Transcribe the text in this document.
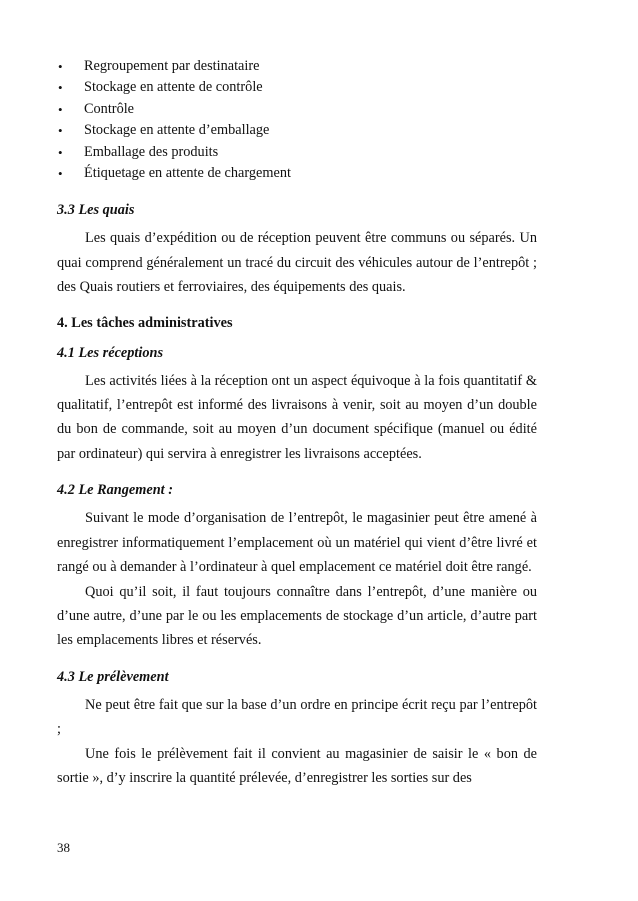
• Regroupement par destinataire
• Stockage en attente de contrôle
• Contrôle
• Stockage en attente d’emballage
• Emballage des produits
• Étiquetage en attente de chargement
3.3 Les quais

Les quais d’expédition ou de réception peuvent être communs ou séparés. Un quai comprend généralement un tracé du circuit des véhicules autour de l’entrepôt ; des Quais routiers et ferroviaires, des équipements des quais.

4. Les tâches administratives
4.1 Les réceptions

Les activités liées à la réception ont un aspect équivoque à la fois quantitatif & qualitatif, l’entrepôt est informé des livraisons à venir, soit au moyen d’un double du bon de commande, soit au moyen d’un document spécifique (manuel ou édité par ordinateur) qui servira à enregistrer les livraisons acceptées.

4.2 Le Rangement :

Suivant le mode d’organisation de l’entrepôt, le magasinier peut être amené à enregistrer informatiquement l’emplacement où un matériel qui vient d’être livré et rangé ou à demander à l’ordinateur à quel emplacement ce matériel doit être rangé.

Quoi qu’il soit, il faut toujours connaître dans l’entrepôt, d’une manière ou d’une autre, d’une par le ou les emplacements de stockage d’un article, d’autre part les emplacements libres et réservés.

4.3 Le prélèvement

Ne peut être fait que sur la base d’un ordre en principe écrit reçu par l’entrepôt ;

Une fois le prélèvement fait il convient au magasinier de saisir le « bon de sortie », d’y inscrire la quantité prélevée, d’enregistrer les sorties sur des

38
